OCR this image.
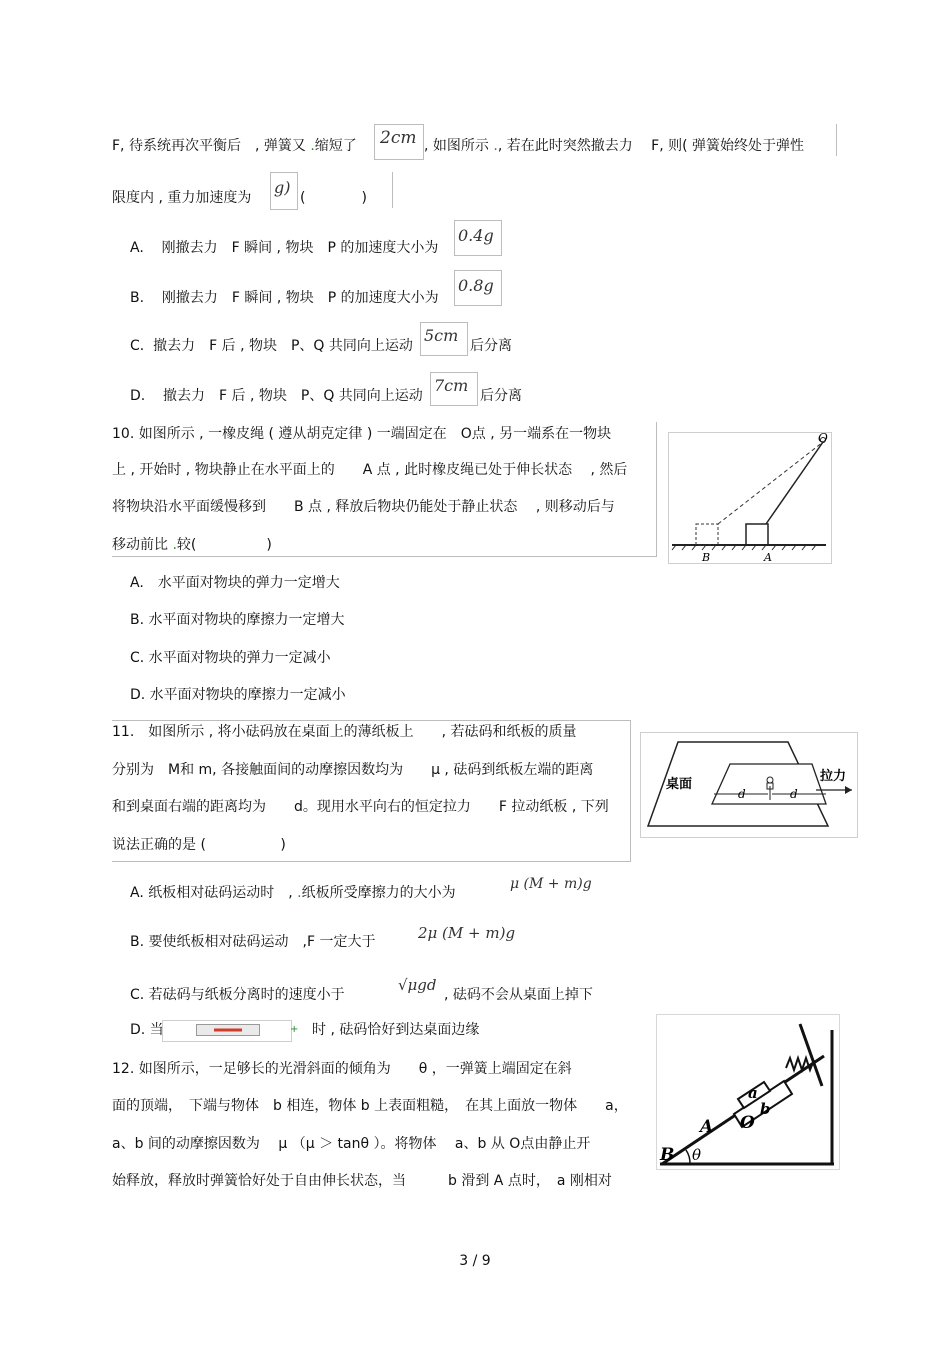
F, 待系统再次平衡后　, 弹簧又 .缩短了 2cm , 如图所示 ., 若在此时突然撤去力　 F, 则( 弹簧始终处于弹性
限度内 , 重力加速度为
g)
(　　　　)
A. 刚撤去力　F 瞬间 , 物块　P 的加速度大小为
0.4g
B. 刚撤去力　F 瞬间 , 物块　P 的加速度大小为
0.8g
C. 撤去力　F 后 , 物块　P、Q 共同向上运动
5cm
后分离
D. 撤去力　F 后 , 物块　P、Q 共同向上运动
7cm
后分离
10. 如图所示 , 一橡皮绳 ( 遵从胡克定律 ) 一端固定在　O点 , 另一端系在一物块
上 , 开始时 , 物块静止在水平面上的　　A 点 , 此时橡皮绳已处于伸长状态　 , 然后
将物块沿水平面缓慢移到　　B 点 , 释放后物块仍能处于静止状态　 , 则移动后与
移动前比 .较(　　　　　)
A.　水平面对物块的弹力一定增大
B. 水平面对物块的摩擦力一定增大
C. 水平面对物块的弹力一定减小
D. 水平面对物块的摩擦力一定减小
O
B	A
11.　如图所示 , 将小砝码放在桌面上的薄纸板上　　, 若砝码和纸板的质量
分别为　M和 m, 各接触面间的动摩擦因数均为　　μ , 砝码到纸板左端的距离
和到桌面右端的距离均为　　d。现用水平向右的恒定拉力　　F 拉动纸板 , 下列
说法正确的是 (　　　　　 )
A. 纸板相对砝码运动时　, .纸板所受摩擦力的大小为
μ (M + m)g
B. 要使纸板相对砝码运动　,F 一定大于	2μ (M + m)g
C. 若砝码与纸板分离时的速度小于
√μgd
, 砝码不会从桌面上掉下
D. 当	+ 时 , 砝码恰好到达桌面边缘
桌面
拉力
d	d
12. 如图所示，一足够长的光滑斜面的倾角为　　θ ，一弹簧上端固定在斜
面的顶端，　下端与物体　b 相连，物体 b 上表面粗糙，　在其上面放一物体　　a，
a、b 间的动摩擦因数为　 μ （μ ＞ tanθ ）。将物体　 a、b 从 O点由静止开
始释放，释放时弹簧恰好处于自由伸长状态，当　　　b 滑到 A 点时，　a 刚相对
a
b
A O
B θ
3 / 9
